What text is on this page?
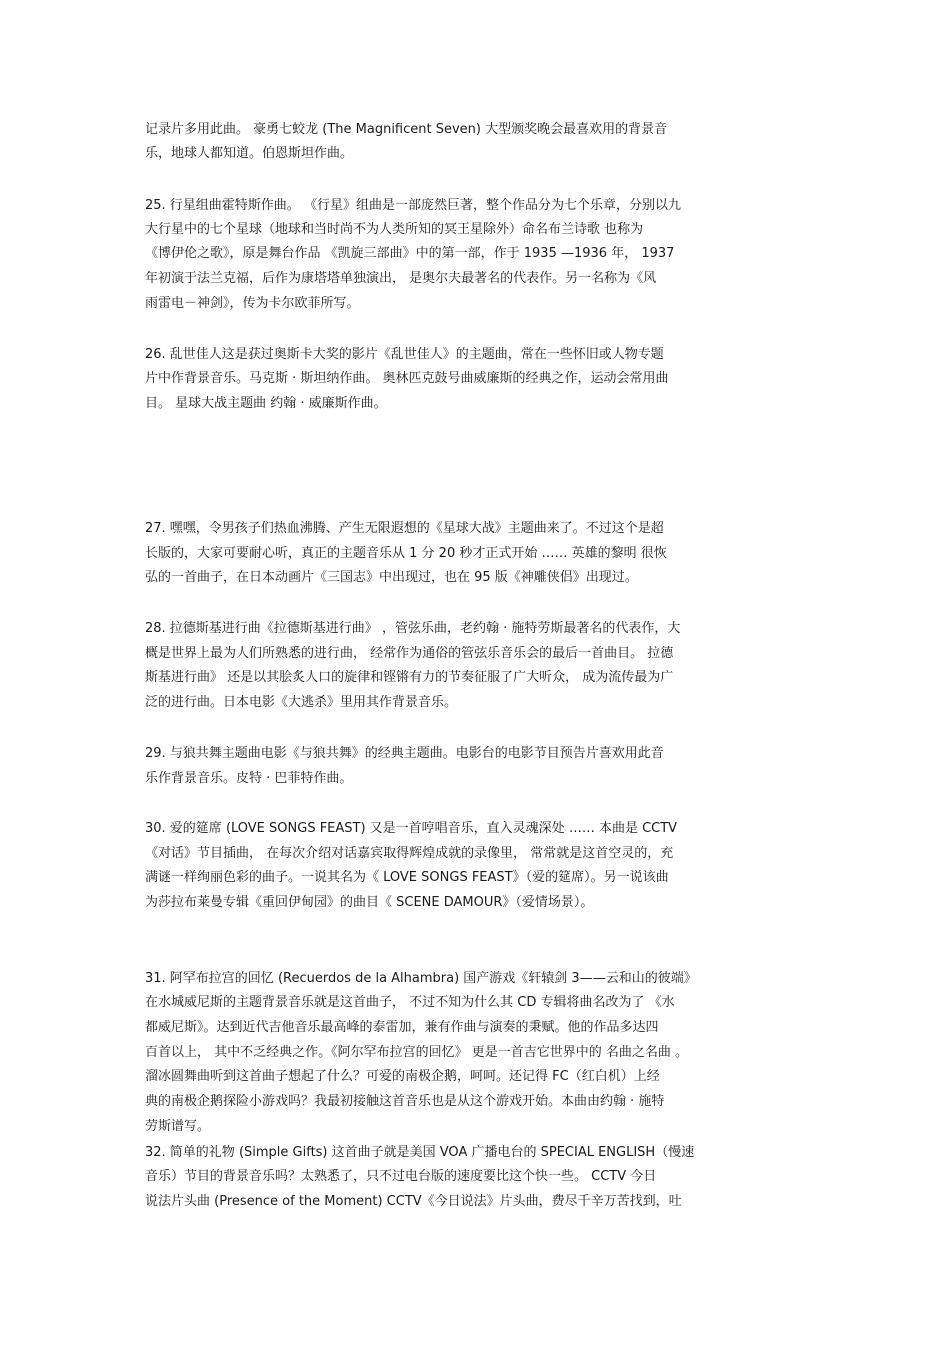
记录片多用此曲。 豪勇七蛟龙 (The Magnificent Seven) 大型颁奖晚会最喜欢用的背景音
乐，地球人都知道。伯恩斯坦作曲。
25. 行星组曲霍特斯作曲。 《行星》组曲是一部庞然巨著，整个作品分为七个乐章，分别以九
大行星中的七个星球（地球和当时尚不为人类所知的冥王星除外）命名布兰诗歌 也称为
《博伊伦之歌》，原是舞台作品 《凯旋三部曲》中的第一部，作于 1935 —1936 年， 1937
年初演于法兰克福，后作为康塔塔单独演出， 是奥尔夫最著名的代表作。另一名称为《风
雨雷电－神剑》，传为卡尔欧菲所写。
26. 乱世佳人这是获过奥斯卡大奖的影片《乱世佳人》的主题曲，常在一些怀旧或人物专题
片中作背景音乐。马克斯 · 斯坦纳作曲。 奥林匹克鼓号曲威廉斯的经典之作，运动会常用曲
目。 星球大战主题曲 约翰 · 威廉斯作曲。
27. 嘿嘿，令男孩子们热血沸腾、产生无限遐想的《星球大战》主题曲来了。不过这个是超
长版的，大家可要耐心听，真正的主题音乐从 1 分 20 秒才正式开始 …… 英雄的黎明 很恢
弘的一首曲子，在日本动画片《三国志》中出现过，也在 95 版《神雕侠侣》出现过。
28. 拉德斯基进行曲《拉德斯基进行曲》 ，管弦乐曲，老约翰 · 施特劳斯最著名的代表作，大
概是世界上最为人们所熟悉的进行曲， 经常作为通俗的管弦乐音乐会的最后一首曲目。 拉德
斯基进行曲》 还是以其脍炙人口的旋律和铿锵有力的节奏征服了广大听众， 成为流传最为广
泛的进行曲。日本电影《大逃杀》里用其作背景音乐。
29. 与狼共舞主题曲电影《与狼共舞》的经典主题曲。电影台的电影节目预告片喜欢用此音
乐作背景音乐。皮特 · 巴菲特作曲。
30. 爱的筵席 (LOVE SONGS FEAST) 又是一首哼唱音乐，直入灵魂深处 …… 本曲是 CCTV
《对话》节目插曲， 在每次介绍对话嘉宾取得辉煌成就的录像里， 常常就是这首空灵的，充
满谜一样绚丽色彩的曲子。一说其名为《 LOVE SONGS FEAST》（爱的筵席）。另一说该曲
为莎拉布莱曼专辑《重回伊甸园》的曲目《 SCENE DAMOUR》（爱情场景）。
31. 阿罕布拉宫的回忆 (Recuerdos de la Alhambra) 国产游戏《轩辕剑 3——云和山的彼端》
在水城威尼斯的主题背景音乐就是这首曲子， 不过不知为什么其 CD 专辑将曲名改为了 《水
都威尼斯》。达到近代吉他音乐最高峰的泰雷加，兼有作曲与演奏的秉赋。他的作品多达四
百首以上， 其中不乏经典之作。《阿尔罕布拉宫的回忆》 更是一首吉它世界中的 名曲之名曲 。
溜冰圆舞曲听到这首曲子想起了什么？可爱的南极企鹅，呵呵。还记得 FC（红白机）上经
典的南极企鹅探险小游戏吗？我最初接触这首音乐也是从这个游戏开始。本曲由约翰 · 施特
劳斯谱写。
32. 简单的礼物 (Simple Gifts) 这首曲子就是美国 VOA 广播电台的 SPECIAL ENGLISH（慢速
音乐）节目的背景音乐吗？太熟悉了，只不过电台版的速度要比这个快一些。 CCTV 今日
说法片头曲 (Presence of the Moment) CCTV《今日说法》片头曲，费尽千辛万苦找到，吐
